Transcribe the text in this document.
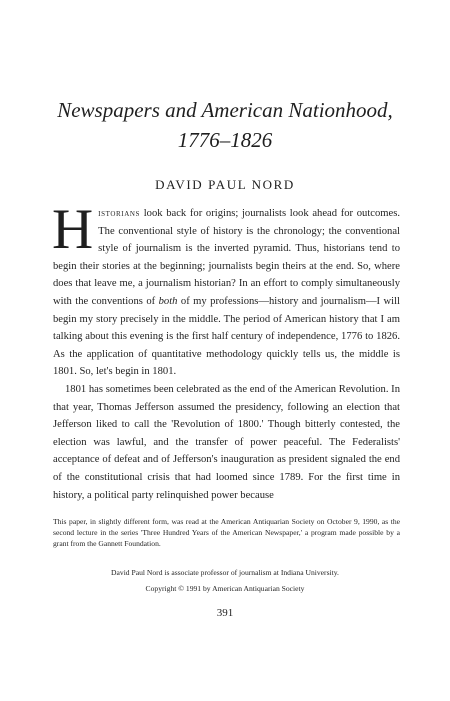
Newspapers and American Nationhood,
1776–1826

DAVID PAUL NORD

Historians look back for origins; journalists look ahead for outcomes. The conventional style of history is the chronology; the conventional style of journalism is the inverted pyramid. Thus, historians tend to begin their stories at the beginning; journalists begin theirs at the end. So, where does that leave me, a journalism historian? In an effort to comply simultaneously with the conventions of both of my professions—history and journalism—I will begin my story precisely in the middle. The period of American history that I am talking about this evening is the first half century of independence, 1776 to 1826. As the application of quantitative methodology quickly tells us, the middle is 1801. So, let's begin in 1801.

1801 has sometimes been celebrated as the end of the American Revolution. In that year, Thomas Jefferson assumed the presidency, following an election that Jefferson liked to call the 'Revolution of 1800.' Though bitterly contested, the election was lawful, and the transfer of power peaceful. The Federalists' acceptance of defeat and of Jefferson's inauguration as president signaled the end of the constitutional crisis that had loomed since 1789. For the first time in history, a political party relinquished power because

This paper, in slightly different form, was read at the American Antiquarian Society on October 9, 1990, as the second lecture in the series 'Three Hundred Years of the American Newspaper,' a program made possible by a grant from the Gannett Foundation.

David Paul Nord is associate professor of journalism at Indiana University.

Copyright © 1991 by American Antiquarian Society

391
